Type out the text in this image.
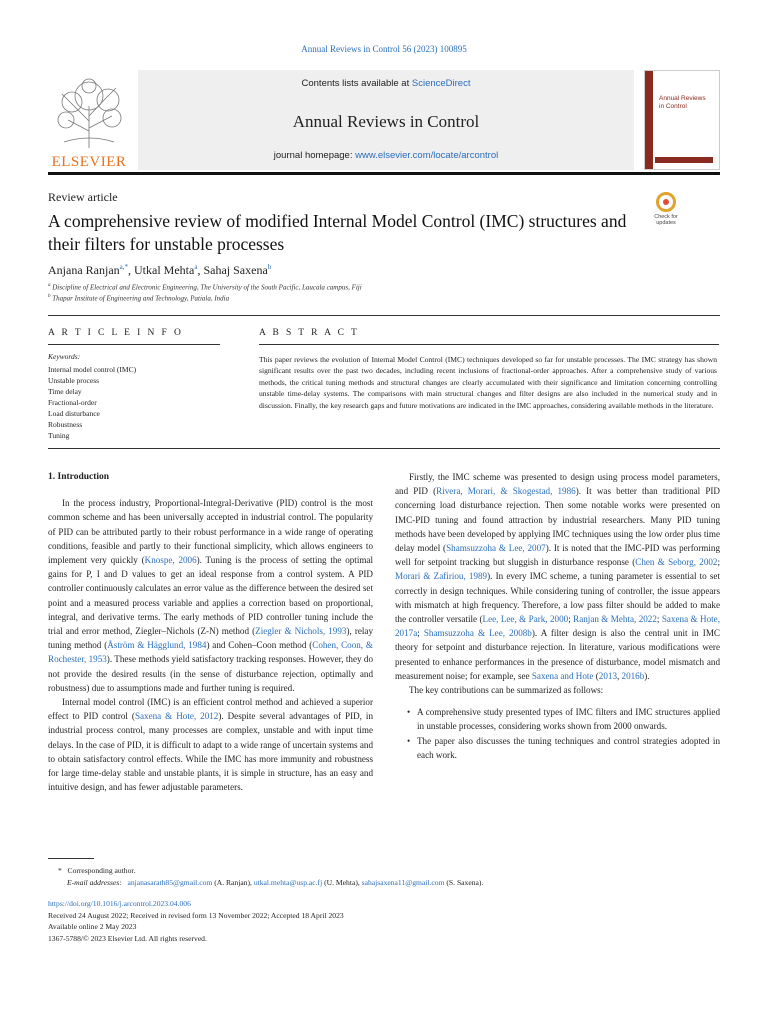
Annual Reviews in Control 56 (2023) 100895
ELSEVIER
Contents lists available at ScienceDirect
Annual Reviews in Control
journal homepage: www.elsevier.com/locate/arcontrol
Annual Reviews in Control
Review article
A comprehensive review of modified Internal Model Control (IMC) structures and their filters for unstable processes
Check for updates
Anjana Ranjan$^{a,*}$, Utkal Mehta$^a$, Sahaj Saxena$^b$
$^a$ Discipline of Electrical and Electronic Engineering, The University of the South Pacific, Laucala campus, Fiji
$^b$ Thapar Institute of Engineering and Technology, Patiala, India
A R T I C L E I N F O	A B S T R A C T
Keywords:
Internal model control (IMC)
Unstable process
Time delay
Fractional-order
Load disturbance
Robustness
Tuning

This paper reviews the evolution of Internal Model Control (IMC) techniques developed so far for unstable processes. The IMC strategy has shown significant results over the past two decades, including recent inclusions of fractional-order approaches. After a comprehensive study of various methods, the critical tuning methods and structural changes are clearly accumulated with their significance and limitation concerning controlling unstable time-delay systems. The comparisons with main structural changes and filter designs are also included in the numerical study and in discussion. Finally, the key research gaps and future motivations are indicated in the IMC approaches, considering available methods in the literature.

1. Introduction

In the process industry, Proportional-Integral-Derivative (PID) control is the most common scheme and has been universally accepted in industrial control. The popularity of PID can be attributed partly to their robust performance in a wide range of operating conditions, feasible and partly to their functional simplicity, which allows engineers to implement very quickly (Knospe, 2006). Tuning is the process of setting the optimal gains for P, I and D values to get an ideal response from a control system. A PID controller continuously calculates an error value as the difference between the desired set point and a measured process variable and applies a correction based on proportional, integral, and derivative terms. The early methods of PID controller tuning include the trial and error method, Ziegler–Nichols (Z-N) method (Ziegler & Nichols, 1993), relay tuning method (Åström & Hägglund, 1984) and Cohen–Coon method (Cohen, Coon, & Rochester, 1953). These methods yield satisfactory tracking responses. However, they do not provide the desired results (in the sense of disturbance rejection, optimally and robustness) due to assumptions made and further tuning is required.

Internal model control (IMC) is an efficient control method and achieved a superior effect to PID control (Saxena & Hote, 2012). Despite several advantages of PID, in industrial process control, many processes are complex, unstable and with input time delays. In the case of PID, it is difficult to adapt to a wide range of uncertain systems and to obtain satisfactory control effects. While the IMC has more immunity and robustness for large time-delay stable and unstable plants, it is simple in structure, has an easy and intuitive design, and has fewer adjustable parameters.

Firstly, the IMC scheme was presented to design using process model parameters, and PID (Rivera, Morari, & Skogestad, 1986). It was better than traditional PID concerning load disturbance rejection. Then some notable works were presented on IMC-PID tuning and found attraction by industrial researchers. Many PID tuning methods have been developed by applying IMC techniques using the low order plus time delay model (Shamsuzzoha & Lee, 2007). It is noted that the IMC-PID was performing well for setpoint tracking but sluggish in disturbance response (Chen & Seborg, 2002; Morari & Zafiriou, 1989). In every IMC scheme, a tuning parameter is essential to set correctly in design techniques. While considering tuning of controller, the issue appears with mismatch at high frequency. Therefore, a low pass filter should be added to make the controller versatile (Lee, Lee, & Park, 2000; Ranjan & Mehta, 2022; Saxena & Hote, 2017a; Shamsuzzoha & Lee, 2008b). A filter design is also the central unit in IMC theory for setpoint and disturbance rejection. In literature, various modifications were presented to enhance performances in the presence of disturbance, model mismatch and measurement noise; for example, see Saxena and Hote (2013, 2016b).

The key contributions can be summarized as follows:

• A comprehensive study presented types of IMC filters and IMC structures applied in unstable processes, considering works shown from 2000 onwards.
• The paper also discusses the tuning techniques and control strategies adopted in each work.
* Corresponding author.
E-mail addresses: anjanasarath85@gmail.com (A. Ranjan), utkal.mehta@usp.ac.fj (U. Mehta), sahajsaxena11@gmail.com (S. Saxena).
https://doi.org/10.1016/j.arcontrol.2023.04.006
Received 24 August 2022; Received in revised form 13 November 2022; Accepted 18 April 2023
Available online 2 May 2023
1367-5788/© 2023 Elsevier Ltd. All rights reserved.
